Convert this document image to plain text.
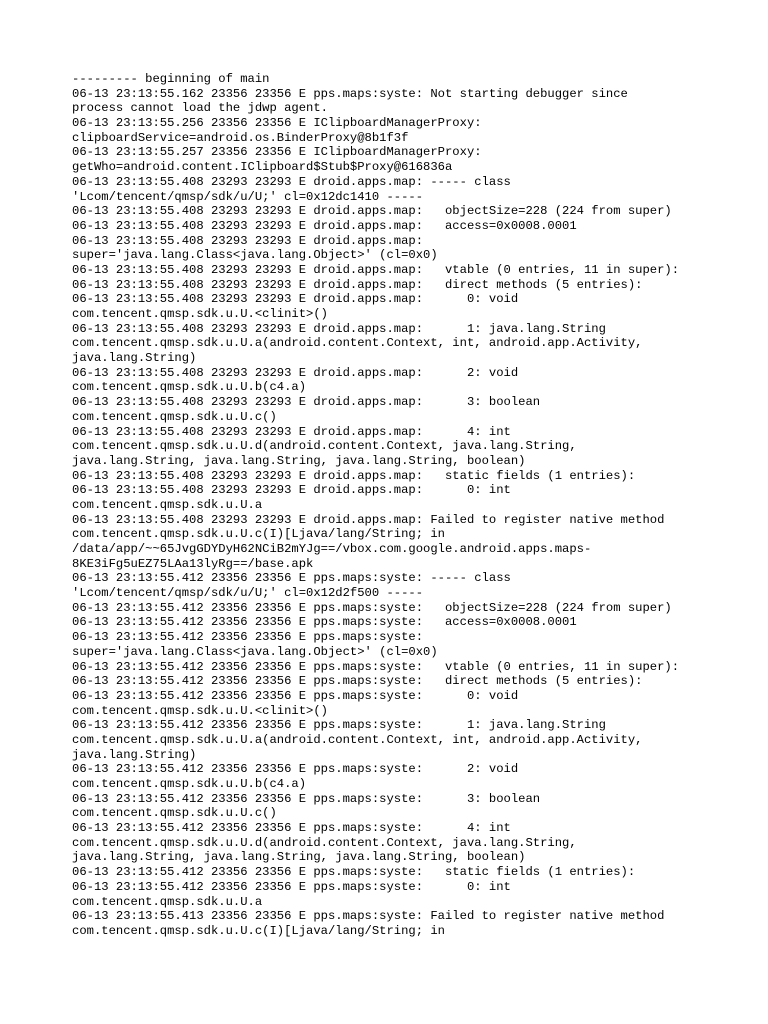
--------- beginning of main
06-13 23:13:55.162 23356 23356 E pps.maps:syste: Not starting debugger since
process cannot load the jdwp agent.
06-13 23:13:55.256 23356 23356 E IClipboardManagerProxy:
clipboardService=android.os.BinderProxy@8b1f3f
06-13 23:13:55.257 23356 23356 E IClipboardManagerProxy:
getWho=android.content.IClipboard$Stub$Proxy@616836a
06-13 23:13:55.408 23293 23293 E droid.apps.map: ----- class
'Lcom/tencent/qmsp/sdk/u/U;' cl=0x12dc1410 -----
06-13 23:13:55.408 23293 23293 E droid.apps.map:   objectSize=228 (224 from super)
06-13 23:13:55.408 23293 23293 E droid.apps.map:   access=0x0008.0001
06-13 23:13:55.408 23293 23293 E droid.apps.map:
super='java.lang.Class<java.lang.Object>' (cl=0x0)
06-13 23:13:55.408 23293 23293 E droid.apps.map:   vtable (0 entries, 11 in super):
06-13 23:13:55.408 23293 23293 E droid.apps.map:   direct methods (5 entries):
06-13 23:13:55.408 23293 23293 E droid.apps.map:      0: void
com.tencent.qmsp.sdk.u.U.<clinit>()
06-13 23:13:55.408 23293 23293 E droid.apps.map:      1: java.lang.String
com.tencent.qmsp.sdk.u.U.a(android.content.Context, int, android.app.Activity,
java.lang.String)
06-13 23:13:55.408 23293 23293 E droid.apps.map:      2: void
com.tencent.qmsp.sdk.u.U.b(c4.a)
06-13 23:13:55.408 23293 23293 E droid.apps.map:      3: boolean
com.tencent.qmsp.sdk.u.U.c()
06-13 23:13:55.408 23293 23293 E droid.apps.map:      4: int
com.tencent.qmsp.sdk.u.U.d(android.content.Context, java.lang.String,
java.lang.String, java.lang.String, java.lang.String, boolean)
06-13 23:13:55.408 23293 23293 E droid.apps.map:   static fields (1 entries):
06-13 23:13:55.408 23293 23293 E droid.apps.map:      0: int
com.tencent.qmsp.sdk.u.U.a
06-13 23:13:55.408 23293 23293 E droid.apps.map: Failed to register native method
com.tencent.qmsp.sdk.u.U.c(I)[Ljava/lang/String; in
/data/app/~~65JvgGDYDyH62NCiB2mYJg==/vbox.com.google.android.apps.maps-
8KE3iFg5uEZ75LAa13lyRg==/base.apk
06-13 23:13:55.412 23356 23356 E pps.maps:syste: ----- class
'Lcom/tencent/qmsp/sdk/u/U;' cl=0x12d2f500 -----
06-13 23:13:55.412 23356 23356 E pps.maps:syste:   objectSize=228 (224 from super)
06-13 23:13:55.412 23356 23356 E pps.maps:syste:   access=0x0008.0001
06-13 23:13:55.412 23356 23356 E pps.maps:syste:
super='java.lang.Class<java.lang.Object>' (cl=0x0)
06-13 23:13:55.412 23356 23356 E pps.maps:syste:   vtable (0 entries, 11 in super):
06-13 23:13:55.412 23356 23356 E pps.maps:syste:   direct methods (5 entries):
06-13 23:13:55.412 23356 23356 E pps.maps:syste:      0: void
com.tencent.qmsp.sdk.u.U.<clinit>()
06-13 23:13:55.412 23356 23356 E pps.maps:syste:      1: java.lang.String
com.tencent.qmsp.sdk.u.U.a(android.content.Context, int, android.app.Activity,
java.lang.String)
06-13 23:13:55.412 23356 23356 E pps.maps:syste:      2: void
com.tencent.qmsp.sdk.u.U.b(c4.a)
06-13 23:13:55.412 23356 23356 E pps.maps:syste:      3: boolean
com.tencent.qmsp.sdk.u.U.c()
06-13 23:13:55.412 23356 23356 E pps.maps:syste:      4: int
com.tencent.qmsp.sdk.u.U.d(android.content.Context, java.lang.String,
java.lang.String, java.lang.String, java.lang.String, boolean)
06-13 23:13:55.412 23356 23356 E pps.maps:syste:   static fields (1 entries):
06-13 23:13:55.412 23356 23356 E pps.maps:syste:      0: int
com.tencent.qmsp.sdk.u.U.a
06-13 23:13:55.413 23356 23356 E pps.maps:syste: Failed to register native method
com.tencent.qmsp.sdk.u.U.c(I)[Ljava/lang/String; in
